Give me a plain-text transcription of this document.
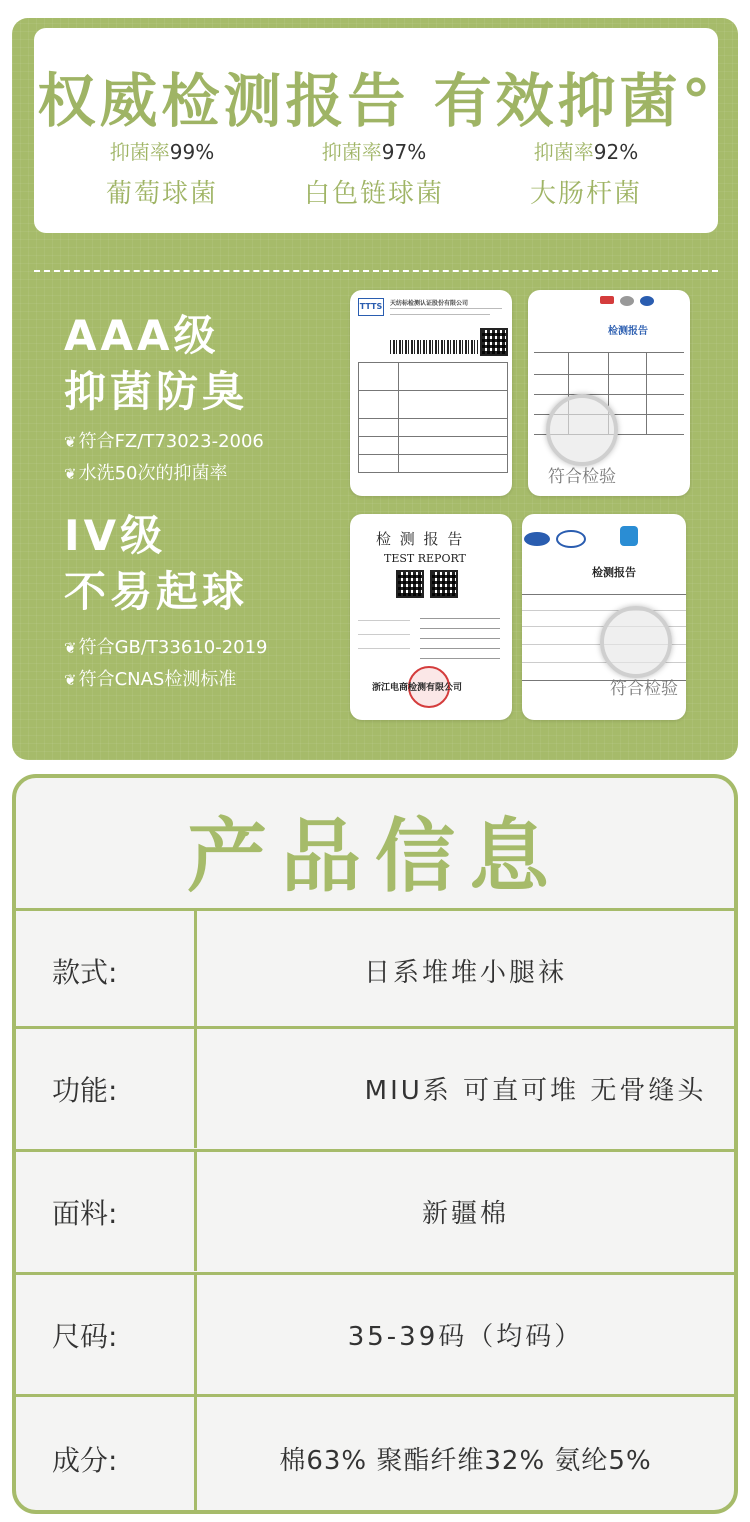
权威检测报告 有效抑菌°
抑菌率99%
葡萄球菌
抑菌率97%
白色链球菌
抑菌率92%
大肠杆菌
AAA级
抑菌防臭
❦ 符合FZ/T73023-2006
❦ 水洗50次的抑菌率
IV级
不易起球
❦ 符合GB/T33610-2019
❦ 符合CNAS检测标准
TTTS 天纺标检测认证股份有限公司
检测报告
符合检验
检 测 报 告
TEST REPORT
浙江电商检测有限公司
检测报告
符合检验
产品信息
款式:	日系堆堆小腿袜
功能:	MIU系 可直可堆 无骨缝头
面料:	新疆棉
尺码:	35-39码（均码）
成分:	棉63% 聚酯纤维32% 氨纶5%
